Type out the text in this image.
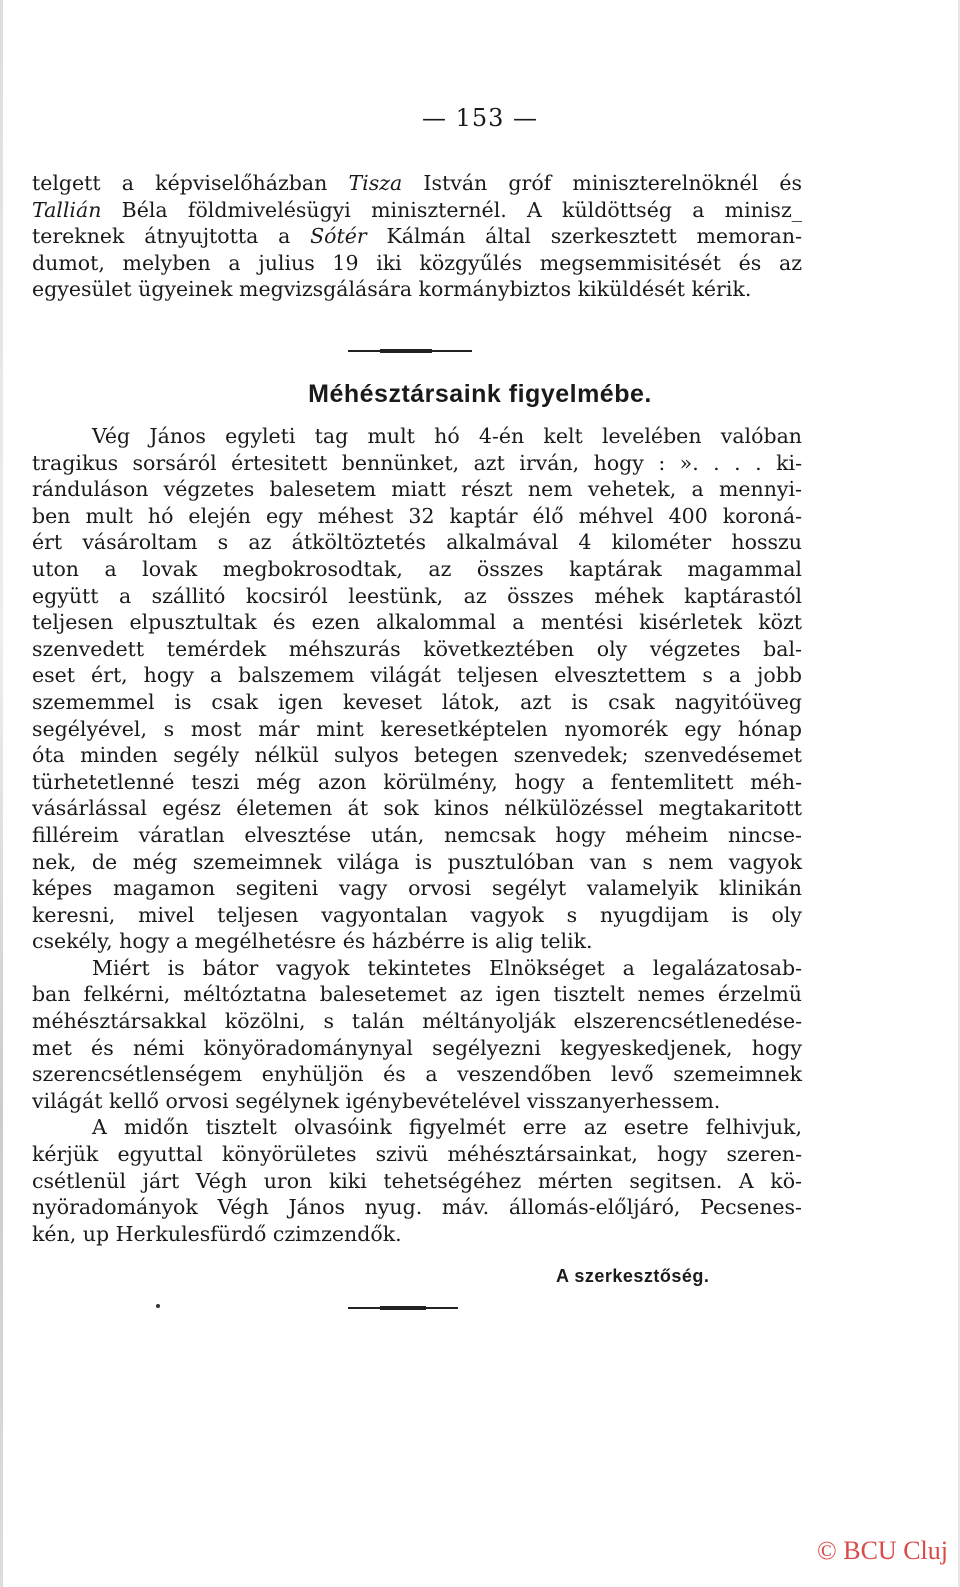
— 153 —
telgett a képviselőházban Tisza István gróf miniszterelnöknél és
Tallián Béla földmivelésügyi miniszternél. A küldöttség a minisz_
tereknek átnyujtotta a Sótér Kálmán által szerkesztett memoran-
dumot, melyben a julius 19 iki közgyűlés megsemmisitését és az
egyesület ügyeinek megvizsgálására kormánybiztos kiküldését kérik.
Méhésztársaink figyelmébe.
Vég János egyleti tag mult hó 4-én kelt levelében valóban
tragikus sorsáról értesitett bennünket, azt irván, hogy : ». . . . ki-
ránduláson végzetes balesetem miatt részt nem vehetek, a mennyi-
ben mult hó elején egy méhest 32 kaptár élő méhvel 400 koroná-
ért vásároltam s az átköltöztetés alkalmával 4 kilométer hosszu
uton a lovak megbokrosodtak, az összes kaptárak magammal
együtt a szállitó kocsiról leestünk, az összes méhek kaptárastól
teljesen elpusztultak és ezen alkalommal a mentési kisérletek közt
szenvedett temérdek méhszurás következtében oly végzetes bal-
eset ért, hogy a balszemem világát teljesen elvesztettem s a jobb
szememmel is csak igen keveset látok, azt is csak nagyitóüveg
segélyével, s most már mint keresetképtelen nyomorék egy hónap
óta minden segély nélkül sulyos betegen szenvedek; szenvedésemet
türhetetlenné teszi még azon körülmény, hogy a fentemlitett méh-
vásárlással egész életemen át sok kinos nélkülözéssel megtakaritott
filléreim váratlan elvesztése után, nemcsak hogy méheim nincse-
nek, de még szemeimnek világa is pusztulóban van s nem vagyok
képes magamon segiteni vagy orvosi segélyt valamelyik klinikán
keresni, mivel teljesen vagyontalan vagyok s nyugdijam is oly
csekély, hogy a megélhetésre és házbérre is alig telik.
Miért is bátor vagyok tekintetes Elnökséget a legalázatosab-
ban felkérni, méltóztatna balesetemet az igen tisztelt nemes érzelmü
méhésztársakkal közölni, s talán méltányolják elszerencsétlenedése-
met és némi könyöradománynyal segélyezni kegyeskedjenek, hogy
szerencsétlenségem enyhüljön és a veszendőben levő szemeimnek
világát kellő orvosi segélynek igénybevételével visszanyerhessem.
A midőn tisztelt olvasóink figyelmét erre az esetre felhivjuk,
kérjük egyuttal könyörületes szivü méhésztársainkat, hogy szeren-
csétlenül járt Végh uron kiki tehetségéhez mérten segitsen. A kö-
nyöradományok Végh János nyug. máv. állomás-előljáró, Pecsenes-
kén, up Herkulesfürdő czimzendők.
A szerkesztőség.
© BCU Cluj
